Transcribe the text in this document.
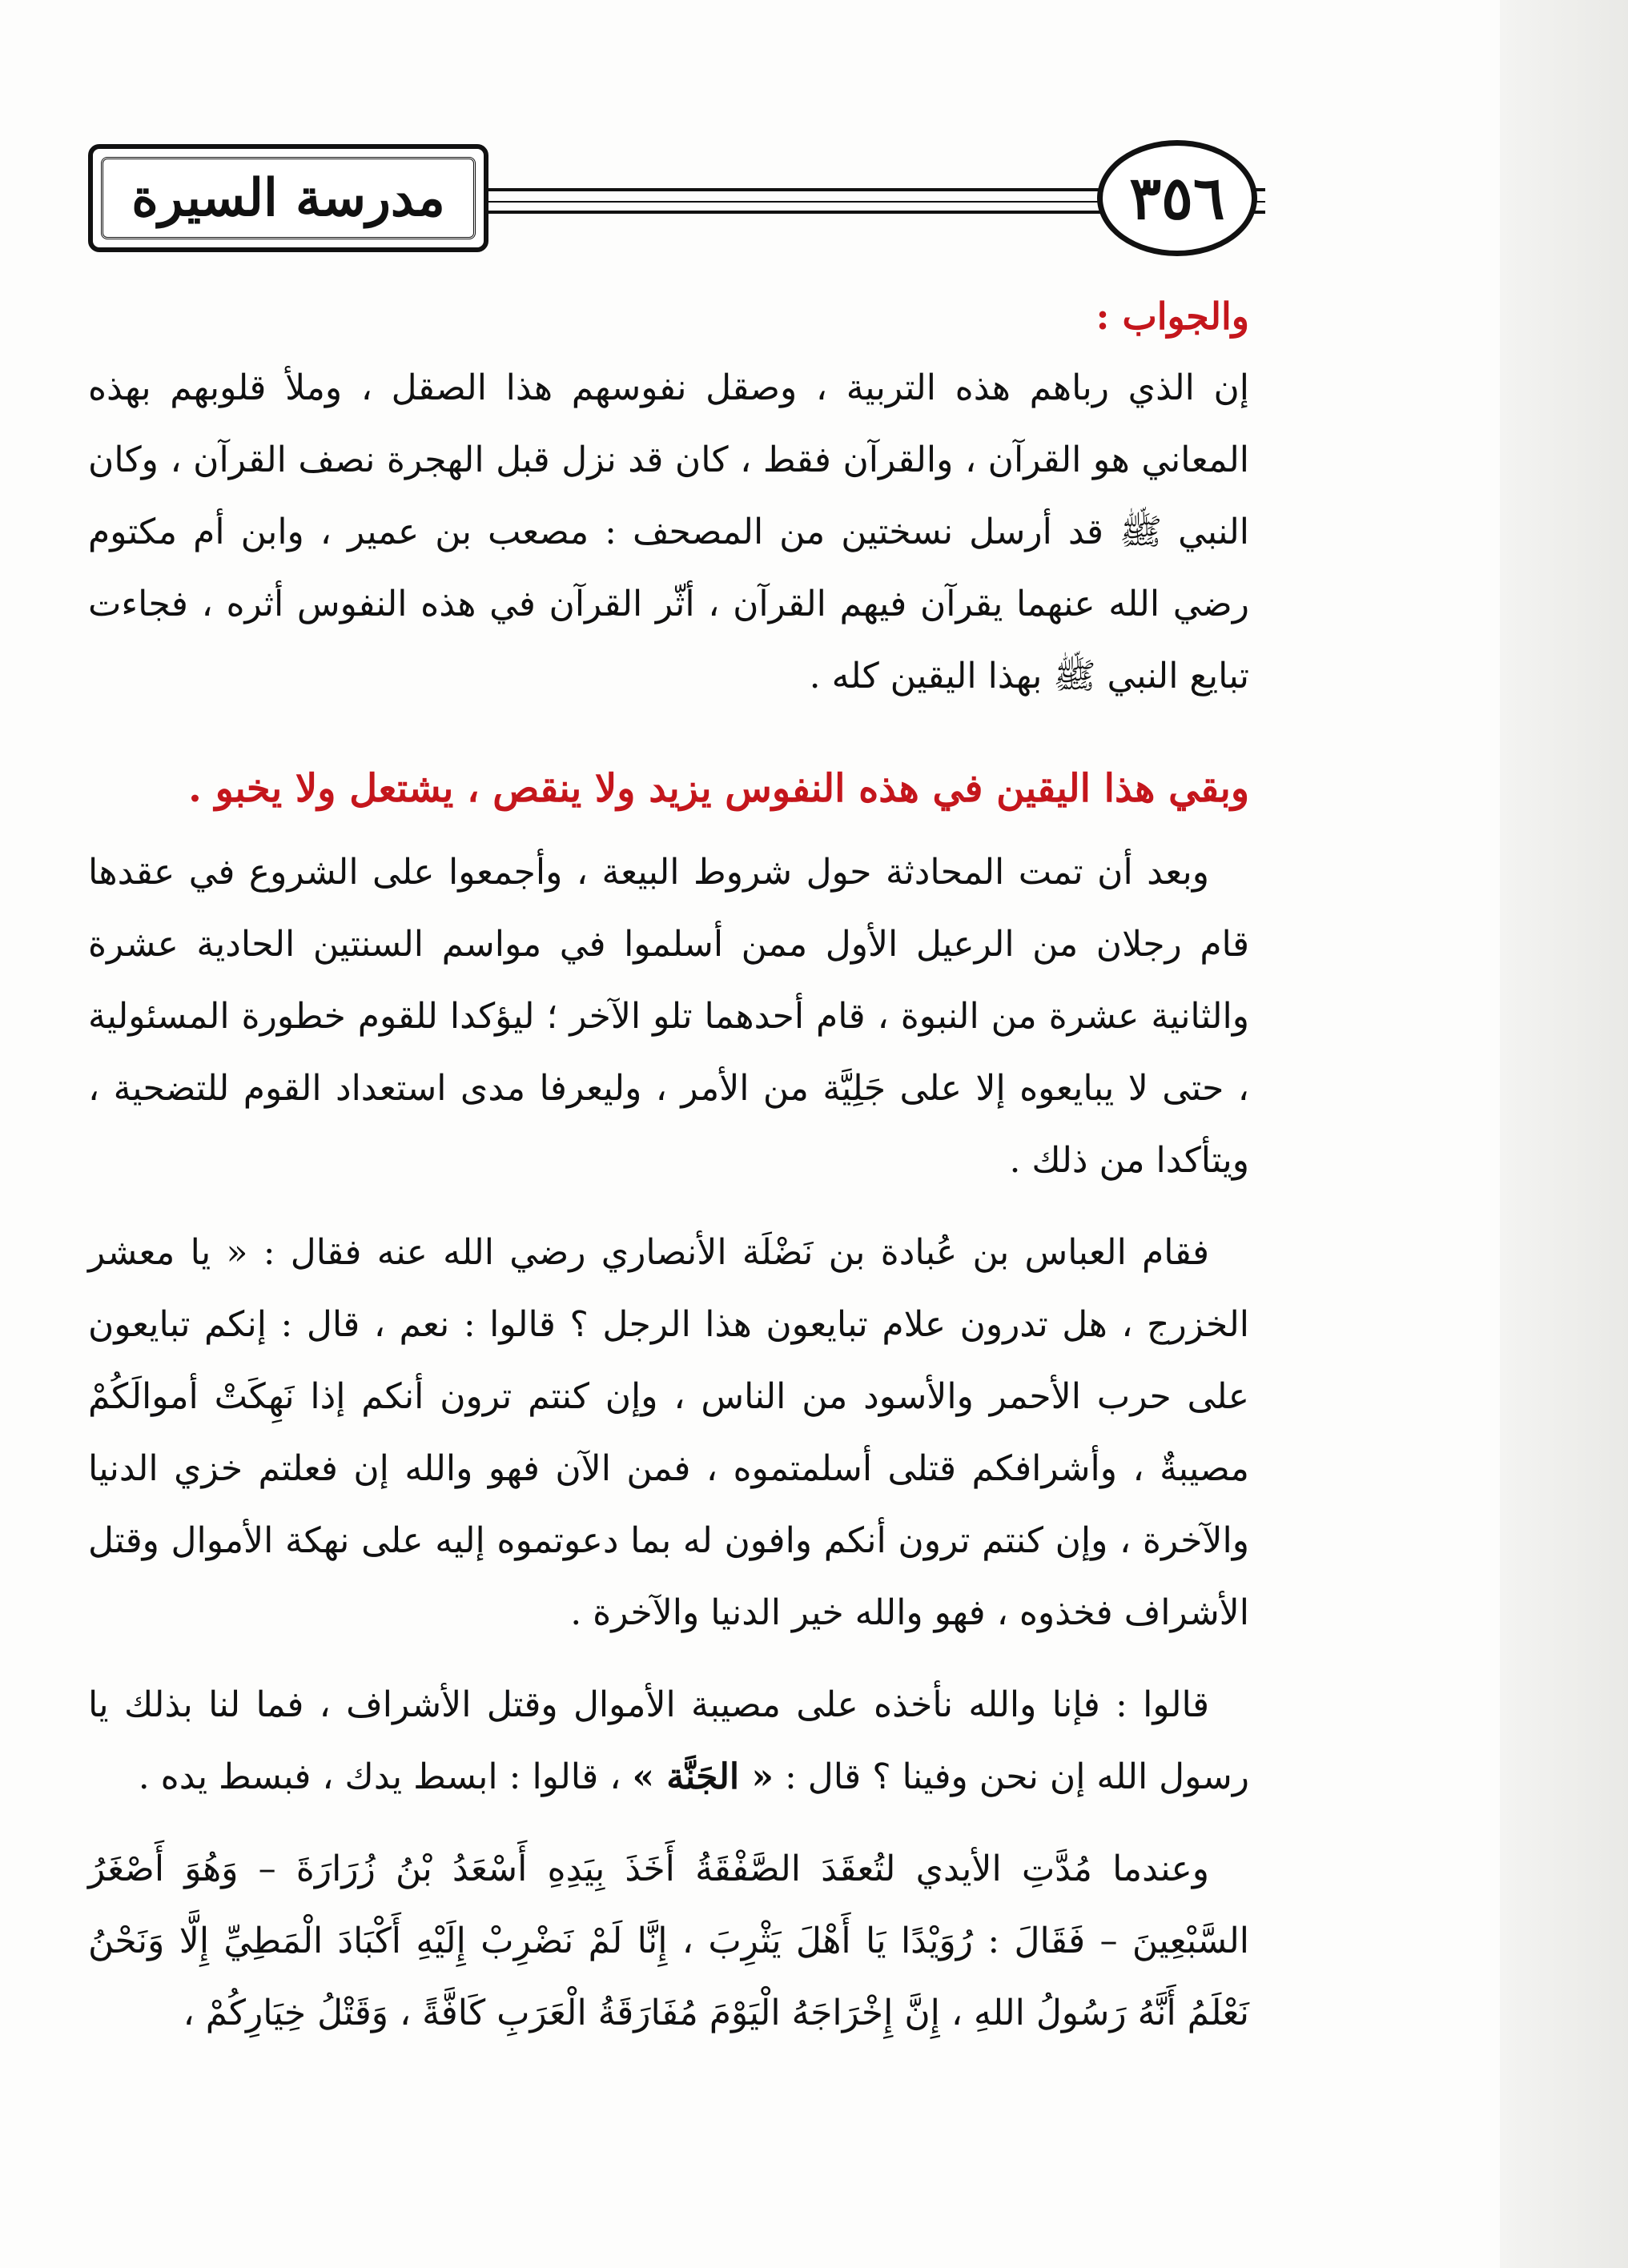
مدرسة السيرة	٣٥٦
والجواب :

إن الذي رباهم هذه التربية ، وصقل نفوسهم هذا الصقل ، وملأ قلوبهم بهذه المعاني هو القرآن ، والقرآن فقط ، كان قد نزل قبل الهجرة نصف القرآن ، وكان النبي ﷺ قد أرسل نسختين من المصحف : مصعب بن عمير ، وابن أم مكتوم رضي الله عنهما يقرآن فيهم القرآن ، أثّر القرآن في هذه النفوس أثره ، فجاءت تبايع النبي ﷺ بهذا اليقين كله .

وبقي هذا اليقين في هذه النفوس يزيد ولا ينقص ، يشتعل ولا يخبو .

وبعد أن تمت المحادثة حول شروط البيعة ، وأجمعوا على الشروع في عقدها قام رجلان من الرعيل الأول ممن أسلموا في مواسم السنتين الحادية عشرة والثانية عشرة من النبوة ، قام أحدهما تلو الآخر ؛ ليؤكدا للقوم خطورة المسئولية ، حتى لا يبايعوه إلا على جَلِيَّة من الأمر ، وليعرفا مدى استعداد القوم للتضحية ، ويتأكدا من ذلك .

فقام العباس بن عُبادة بن نَضْلَة الأنصاري رضي الله عنه فقال : « يا معشر الخزرج ، هل تدرون علام تبايعون هذا الرجل ؟ قالوا : نعم ، قال : إنكم تبايعون على حرب الأحمر والأسود من الناس ، وإن كنتم ترون أنكم إذا نَهِكَتْ أموالَكُمْ مصيبةٌ ، وأشرافكم قتلى أسلمتموه ، فمن الآن فهو والله إن فعلتم خزي الدنيا والآخرة ، وإن كنتم ترون أنكم وافون له بما دعوتموه إليه على نهكة الأموال وقتل الأشراف فخذوه ، فهو والله خير الدنيا والآخرة .

قالوا : فإنا والله نأخذه على مصيبة الأموال وقتل الأشراف ، فما لنا بذلك يا رسول الله إن نحن وفينا ؟ قال : « الجَنَّة » ، قالوا : ابسط يدك ، فبسط يده .

وعندما مُدَّتِ الأيدي لتُعقَدَ الصَّفْقَةُ أَخَذَ بِيَدِهِ أَسْعَدُ بْنُ زُرَارَةَ – وَهُوَ أَصْغَرُ السَّبْعِينَ – فَقَالَ : رُوَيْدًا يَا أَهْلَ يَثْرِبَ ، إِنَّا لَمْ نَضْرِبْ إِلَيْهِ أَكْبَادَ الْمَطِيِّ إِلَّا وَنَحْنُ نَعْلَمُ أَنَّهُ رَسُولُ اللهِ ، إِنَّ إِخْرَاجَهُ الْيَوْمَ مُفَارَقَةُ الْعَرَبِ كَافَّةً ، وَقَتْلُ خِيَارِكُمْ ،
